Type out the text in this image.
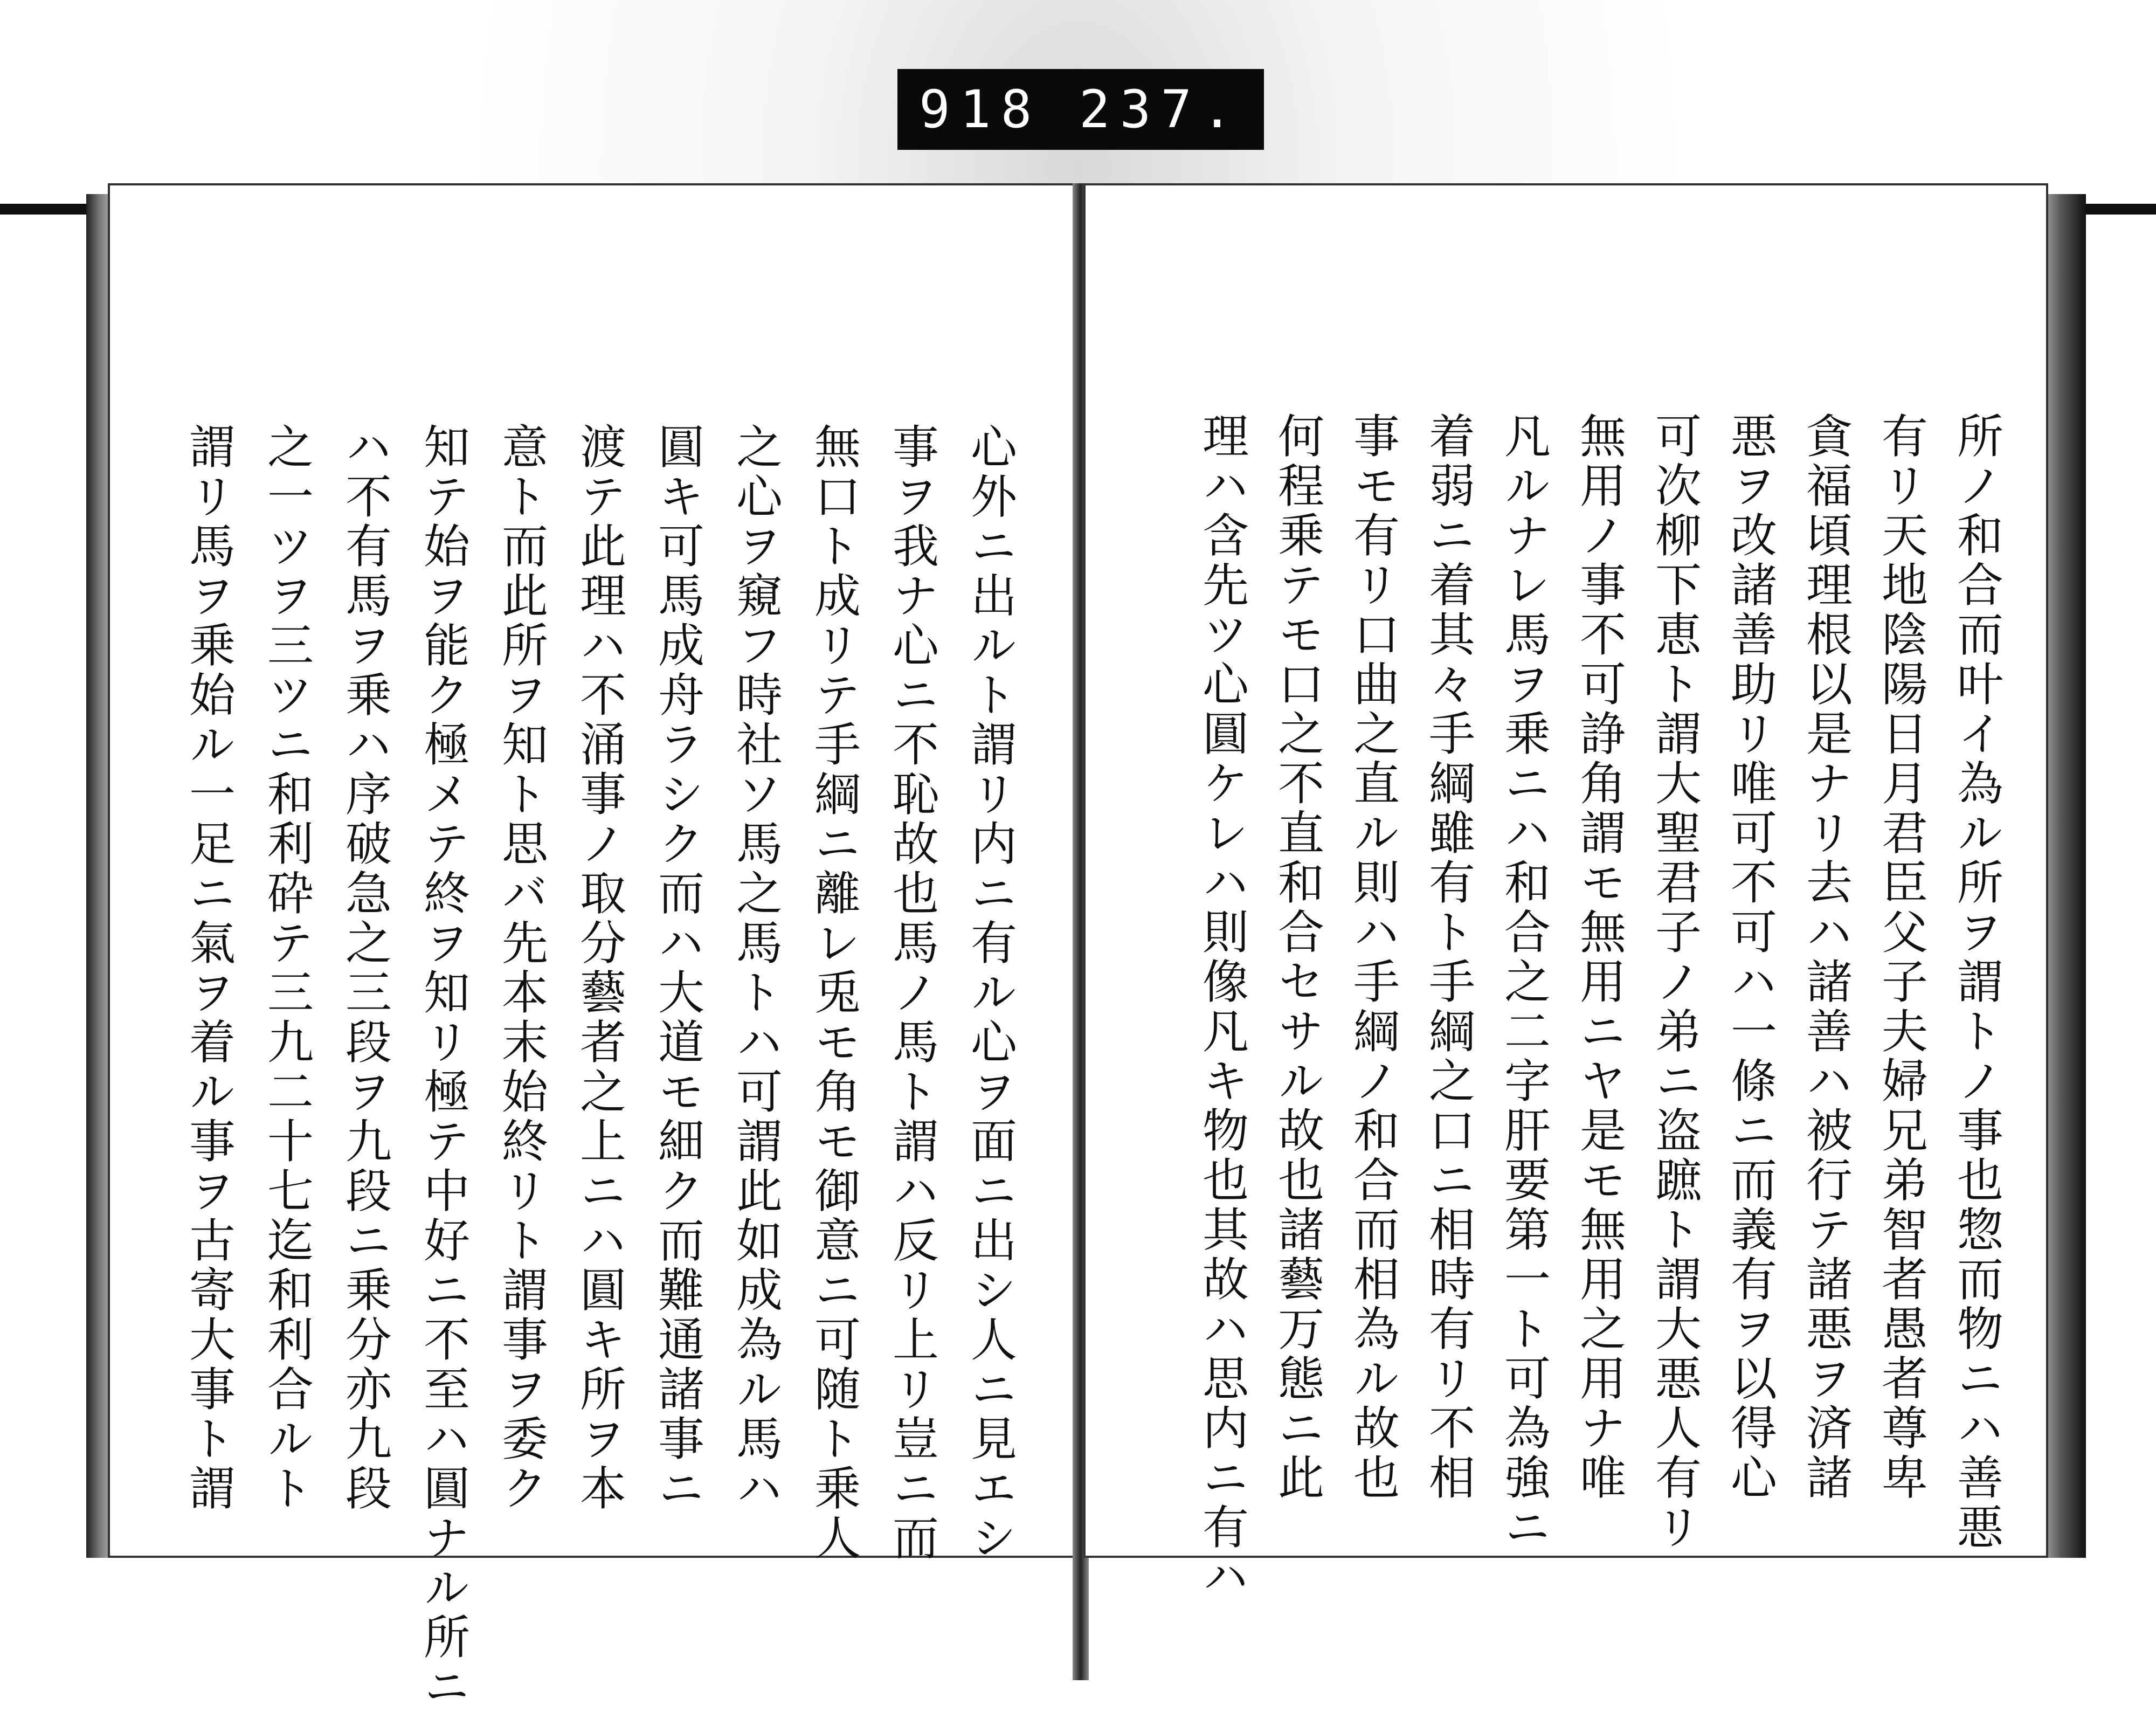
918 237.
心外ニ出ルト謂リ内ニ有ル心ヲ面ニ出シ人ニ見エシ
事ヲ我ナ心ニ不恥故也馬ノ馬ト謂ハ反リ上リ豈ニ而
無口ト成リテ手綱ニ離レ兎モ角モ御意ニ可随ト乗人
之心ヲ窺フ時社ソ馬之馬トハ可謂此如成為ル馬ハ
圓キ可馬成舟ラシク而ハ大道モ細ク而難通諸事ニ
渡テ此理ハ不涌事ノ取分藝者之上ニハ圓キ所ヲ本
意ト而此所ヲ知ト思バ先本末始終リト謂事ヲ委ク
知テ始ヲ能ク極メテ終ヲ知リ極テ中好ニ不至ハ圓ナル所ニ
ハ不有馬ヲ乗ハ序破急之三段ヲ九段ニ乗分亦九段
之一ツヲ三ツニ和利砕テ三九二十七迄和利合ルト
謂リ馬ヲ乗始ル一足ニ氣ヲ着ル事ヲ古寄大事ト謂	所ノ和合而叶イ為ル所ヲ謂トノ事也惣而物ニハ善悪
有リ天地陰陽日月君臣父子夫婦兄弟智者愚者尊卑
貪福頃理根以是ナリ去ハ諸善ハ被行テ諸悪ヲ済諸
悪ヲ改諸善助リ唯可不可ハ一條ニ而義有ヲ以得心
可次柳下恵ト謂大聖君子ノ弟ニ盗蹠ト謂大悪人有リ
無用ノ事不可諍角謂モ無用ニヤ是モ無用之用ナ唯
凡ルナレ馬ヲ乗ニハ和合之二字肝要第一ト可為強ニ
着弱ニ着其々手綱雖有ト手綱之口ニ相時有リ不相
事モ有リ口曲之直ル則ハ手綱ノ和合而相為ル故也
何程乗テモ口之不直和合セサル故也諸藝万態ニ此
理ハ含先ツ心圓ケレハ則像凡キ物也其故ハ思内ニ有ハ
